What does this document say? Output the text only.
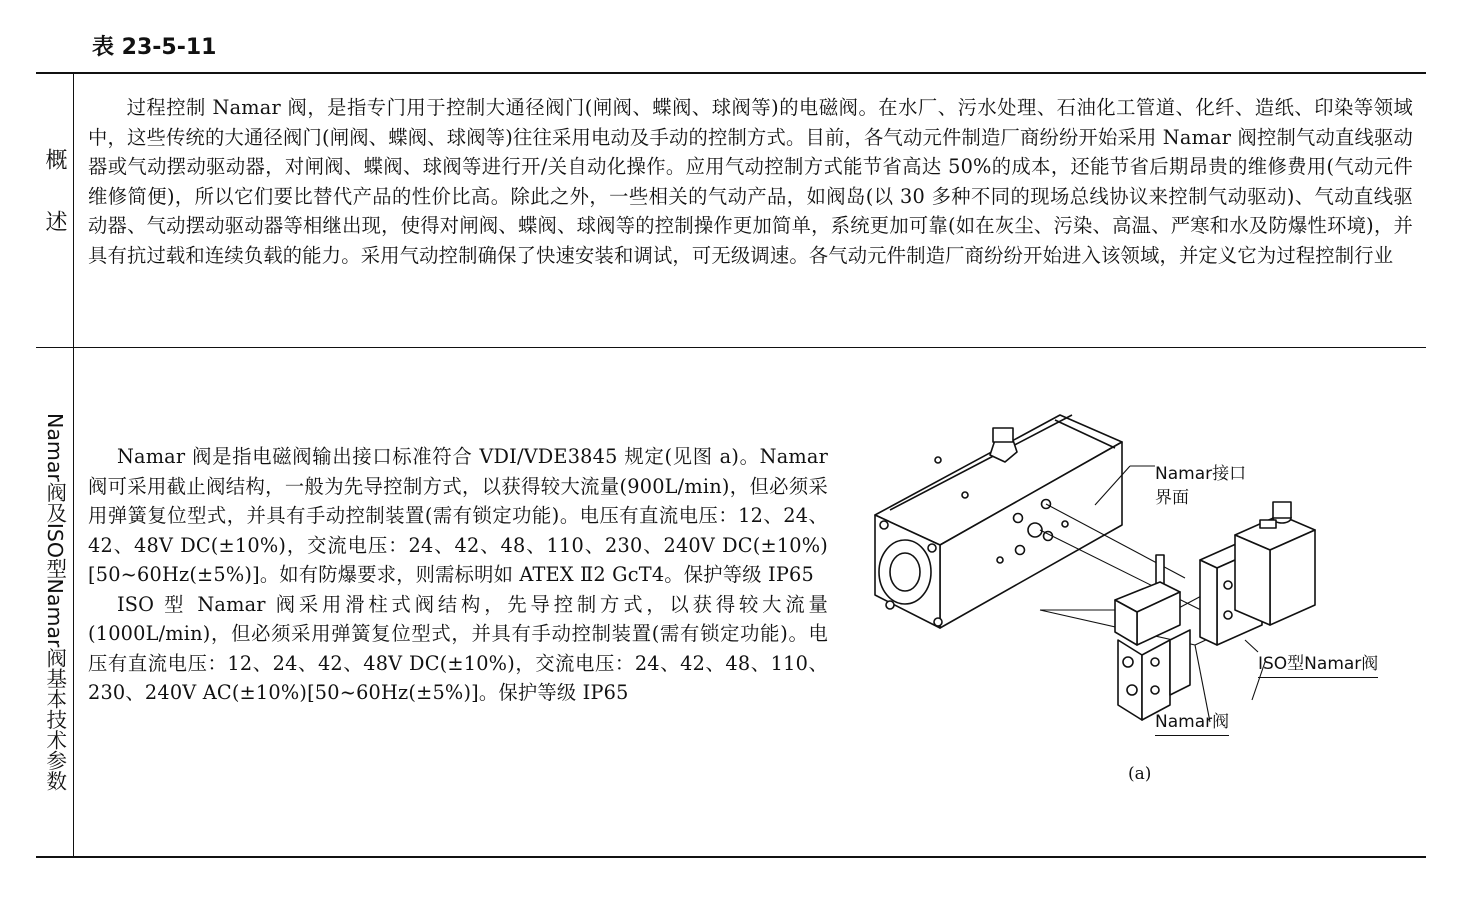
表 23-5-11
概述
过程控制 Namar 阀，是指专门用于控制大通径阀门(闸阀、蝶阀、球阀等)的电磁阀。在水厂、污水处理、石油化工管道、化纤、造纸、印染等领域中，这些传统的大通径阀门(闸阀、蝶阀、球阀等)往往采用电动及手动的控制方式。目前，各气动元件制造厂商纷纷开始采用 Namar 阀控制气动直线驱动器或气动摆动驱动器，对闸阀、蝶阀、球阀等进行开/关自动化操作。应用气动控制方式能节省高达 50%的成本，还能节省后期昂贵的维修费用(气动元件维修简便)，所以它们要比替代产品的性价比高。除此之外，一些相关的气动产品，如阀岛(以 30 多种不同的现场总线协议来控制气动驱动)、气动直线驱动器、气动摆动驱动器等相继出现，使得对闸阀、蝶阀、球阀等的控制操作更加简单，系统更加可靠(如在灰尘、污染、高温、严寒和水及防爆性环境)，并具有抗过载和连续负载的能力。采用气动控制确保了快速安装和调试，可无级调速。各气动元件制造厂商纷纷开始进入该领域，并定义它为过程控制行业
Namar阀及ISO型Namar阀基本技术参数	Namar 阀是指电磁阀输出接口标准符合 VDI/VDE3845 规定(见图 a)。Namar 阀可采用截止阀结构，一般为先导控制方式，以获得较大流量(900L/min)，但必须采用弹簧复位型式，并具有手动控制装置(需有锁定功能)。电压有直流电压：12、24、42、48V DC(±10%)，交流电压：24、42、48、110、230、240V DC(±10%)[50~60Hz(±5%)]。如有防爆要求，则需标明如 ATEX Ⅱ2 GcT4。保护等级 IP65

ISO 型 Namar 阀采用滑柱式阀结构，先导控制方式，以获得较大流量(1000L/min)，但必须采用弹簧复位型式，并具有手动控制装置(需有锁定功能)。电压有直流电压：12、24、42、48V DC(±10%)，交流电压：24、42、48、110、230、240V AC(±10%)[50~60Hz(±5%)]。保护等级 IP65

Namar接口
界面
ISO型Namar阀
Namar阀
(a)
